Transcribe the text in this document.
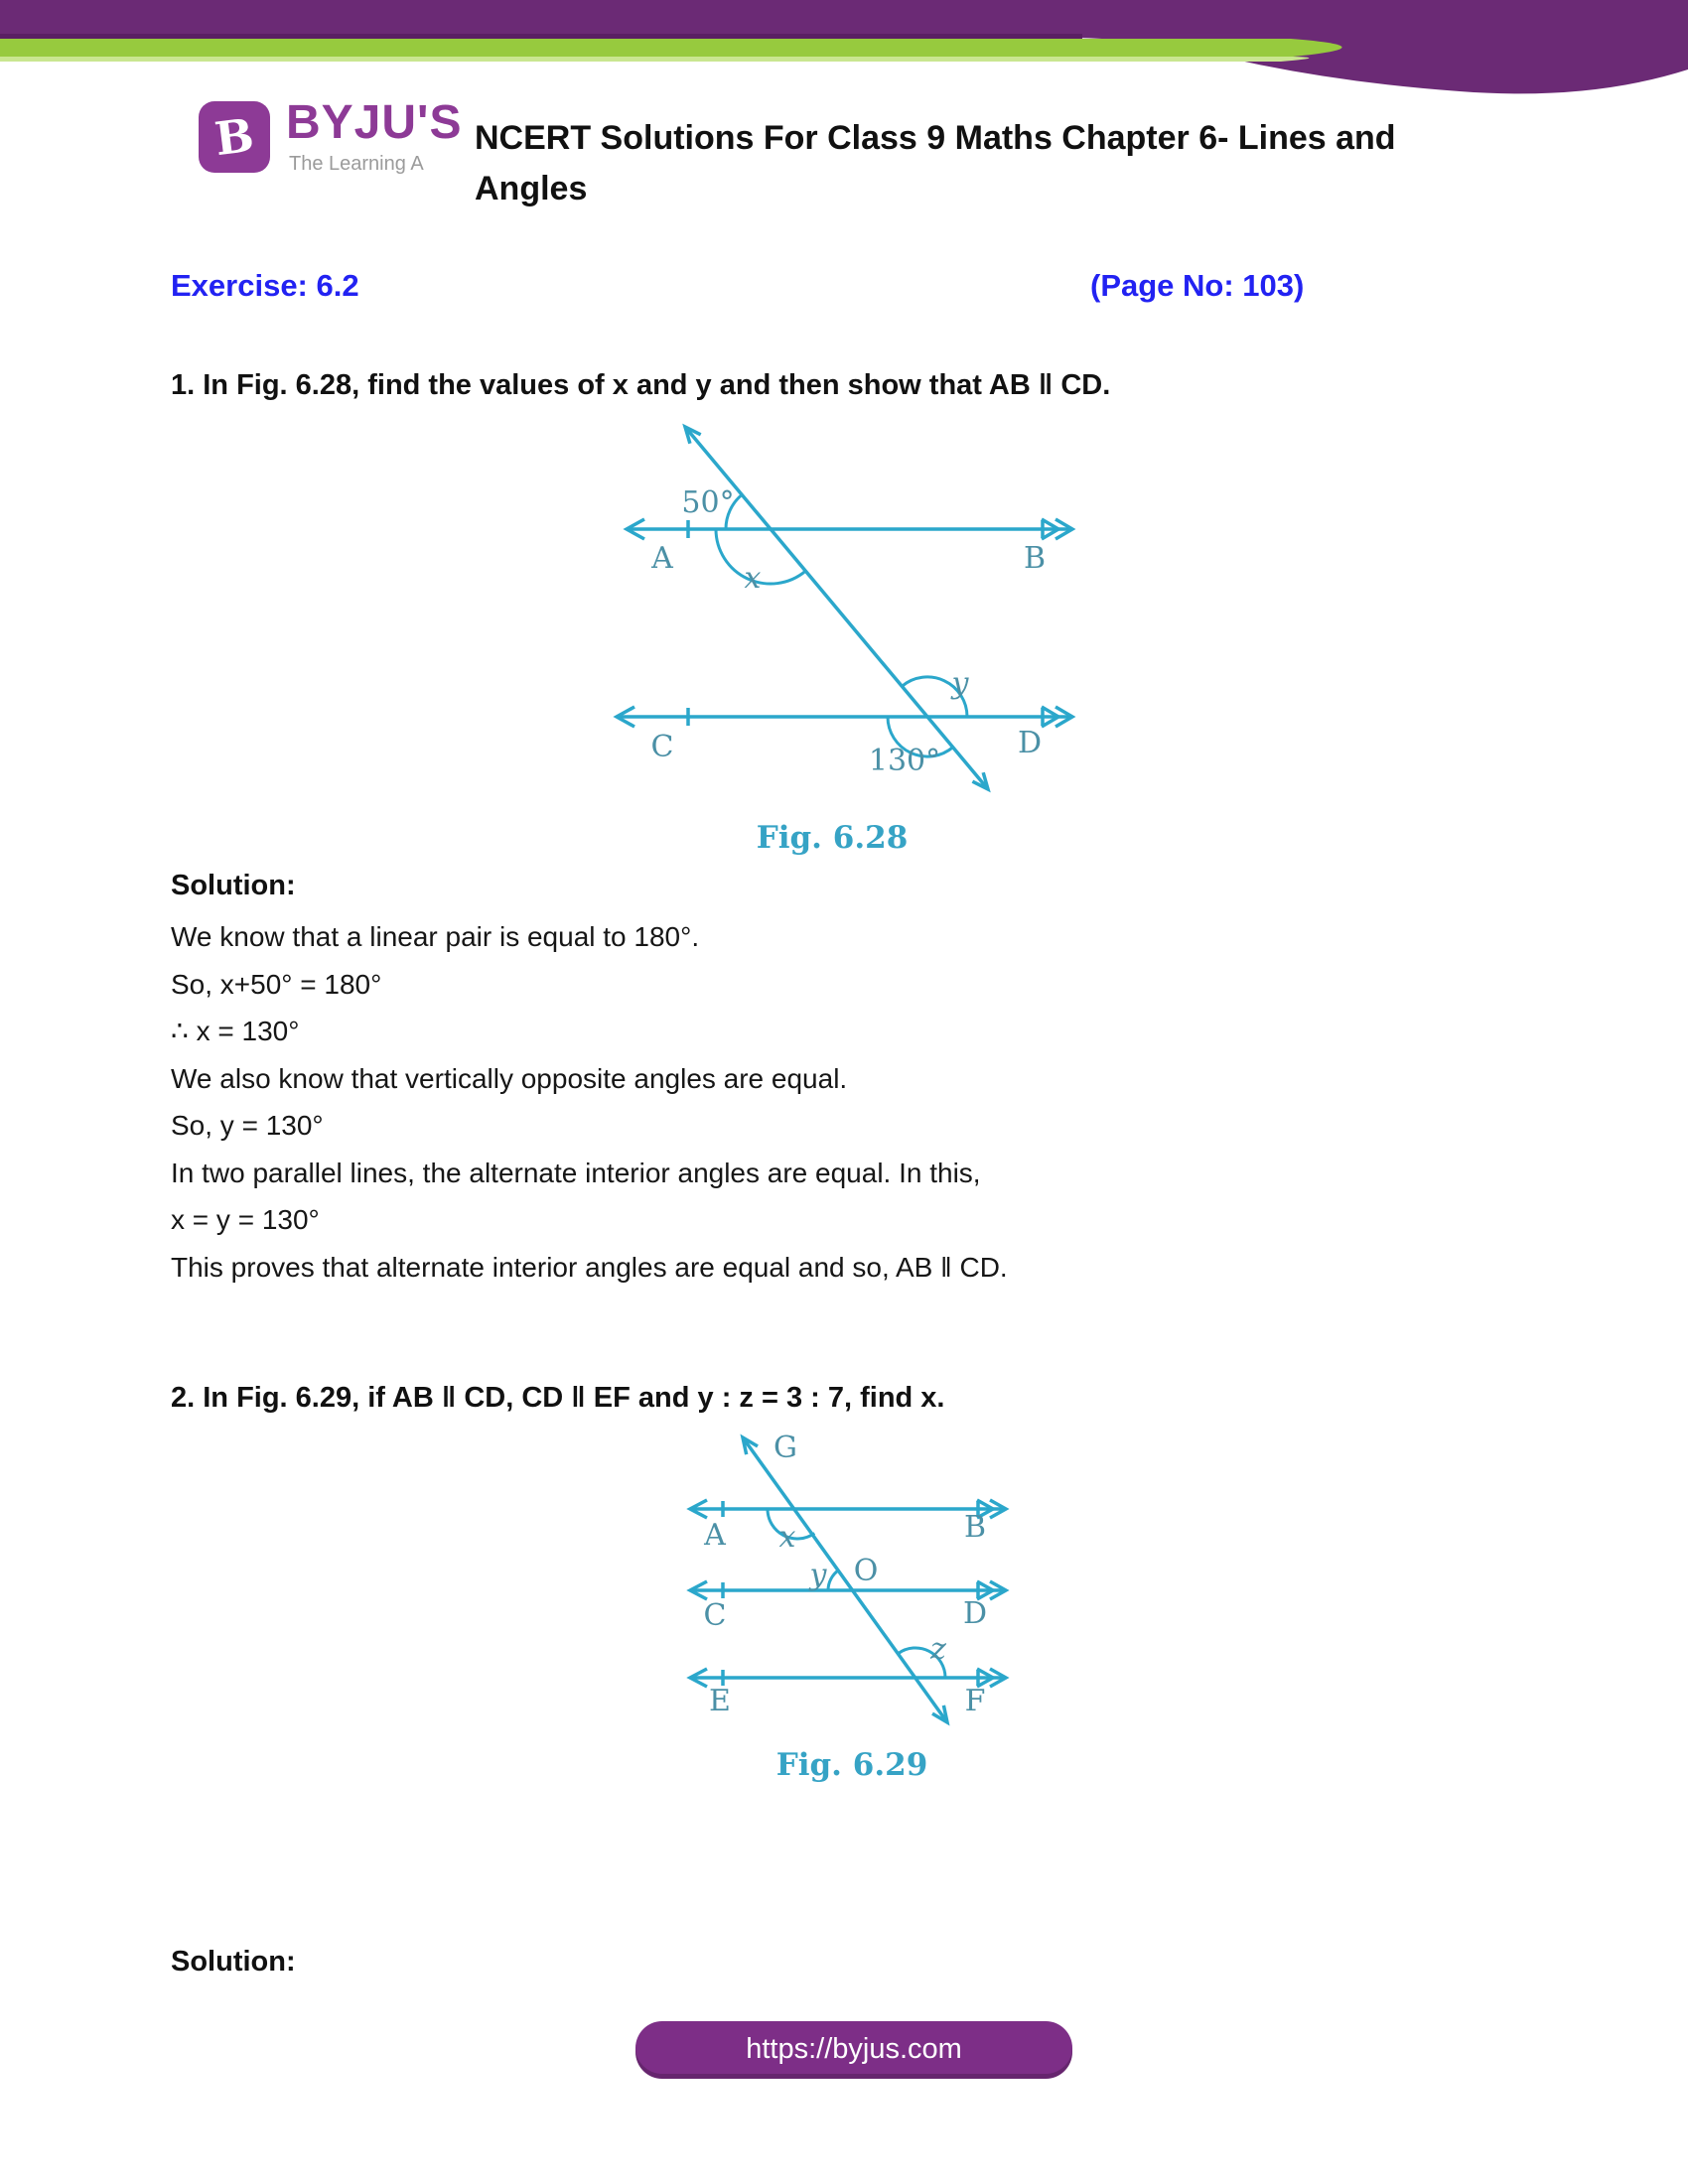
B BYJU'S
The Learning A
NCERT Solutions For Class 9 Maths Chapter 6- Lines and
Angles
Exercise: 6.2	(Page No: 103)
1. In Fig. 6.28, find the values of x and y and then show that AB ‖ CD.
A	B
C	D
50°
x
y
130°
Fig. 6.28
Solution:
We know that a linear pair is equal to 180°.
So, x+50° = 180°
∴ x = 130°
We also know that vertically opposite angles are equal.
So, y = 130°
In two parallel lines, the alternate interior angles are equal. In this,
x = y = 130°
This proves that alternate interior angles are equal and so, AB ‖ CD.
2. In Fig. 6.29, if AB ‖ CD, CD ‖ EF and y : z = 3 : 7, find x.
G
A	B
C	D
E	F
O
x
y
z
Fig. 6.29
Solution:
https://byjus.com
